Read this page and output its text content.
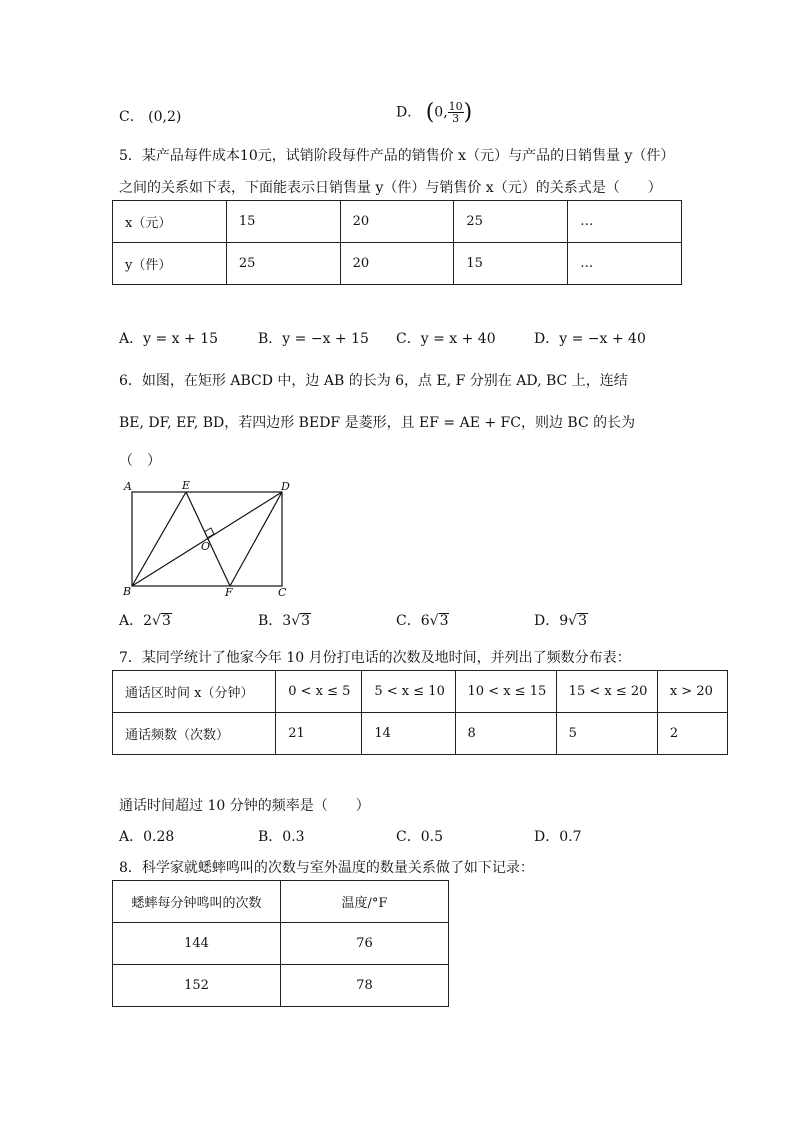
C． (0,2)	D． (0, $\frac{10}{3}$ )
5．某产品每件成本10元，试销阶段每件产品的销售价 x（元）与产品的日销售量 y（件）
之间的关系如下表，下面能表示日销售量 y（件）与销售价 x（元）的关系式是（　　）
x（元）	15	20	25	…
y（件）	25	20	15	…
A．y = x + 15	B．y = −x + 15 C．y = x + 40	D．y = −x + 40
6．如图，在矩形 ABCD 中，边 AB 的长为 6，点 E, F 分别在 AD, BC 上，连结
BE, DF, EF, BD，若四边形 BEDF 是菱形，且 EF = AE + FC，则边 BC 的长为
（　）
A	E	D
O
B	F	C
A．2√3	B．3√3	C．6√3	D．9√3
7．某同学统计了他家今年 10 月份打电话的次数及地时间，并列出了频数分布表：
通话区时间 x（分钟）	0 < x ≤ 5	5 < x ≤ 10	10 < x ≤ 15	15 < x ≤ 20	x > 20
通话频数（次数）	21	14	8	5	2
通话时间超过 10 分钟的频率是（　　）
A．0.28	B．0.3	C．0.5	D．0.7
8．科学家就蟋蟀鸣叫的次数与室外温度的数量关系做了如下记录：
蟋蟀每分钟鸣叫的次数	温度/°F
144	76
152	78
